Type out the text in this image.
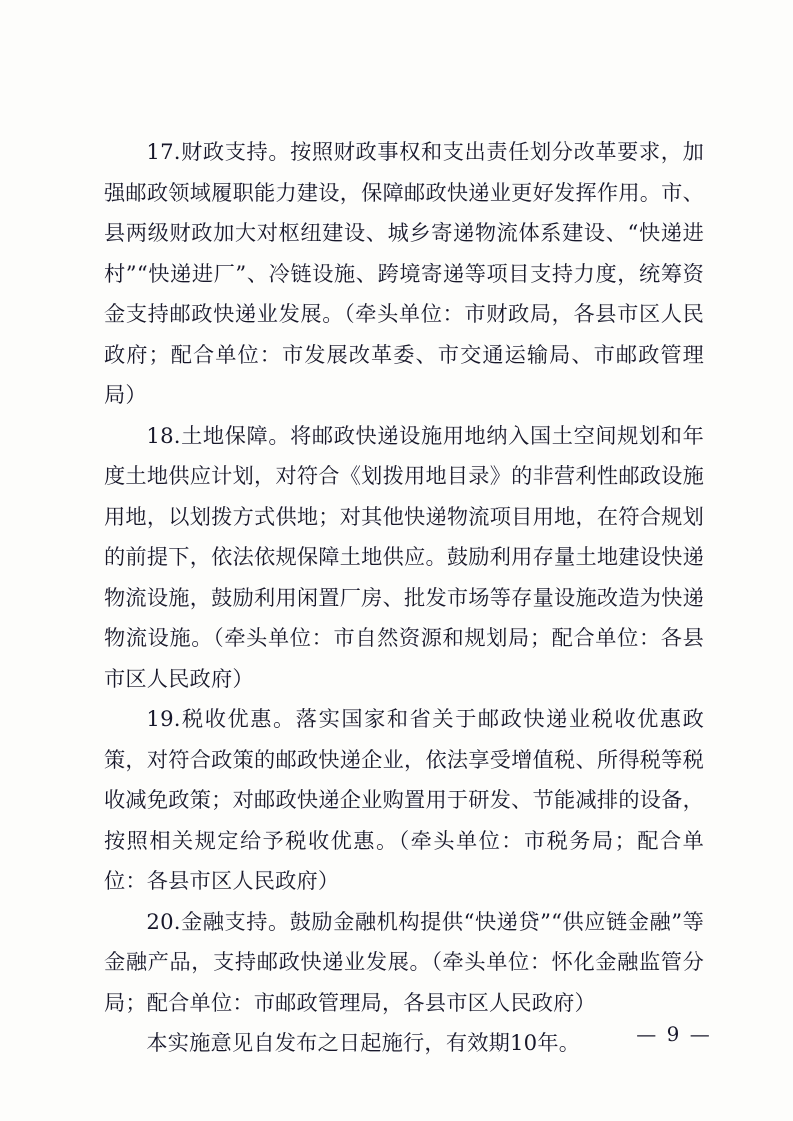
17.财政支持。按照财政事权和支出责任划分改革要求，加强邮政领域履职能力建设，保障邮政快递业更好发挥作用。市、县两级财政加大对枢纽建设、城乡寄递物流体系建设、“快递进村”“快递进厂”、冷链设施、跨境寄递等项目支持力度，统筹资金支持邮政快递业发展。（牵头单位：市财政局，各县市区人民政府；配合单位：市发展改革委、市交通运输局、市邮政管理局）

18.土地保障。将邮政快递设施用地纳入国土空间规划和年度土地供应计划，对符合《划拨用地目录》的非营利性邮政设施用地，以划拨方式供地；对其他快递物流项目用地，在符合规划的前提下，依法依规保障土地供应。鼓励利用存量土地建设快递物流设施，鼓励利用闲置厂房、批发市场等存量设施改造为快递物流设施。（牵头单位：市自然资源和规划局；配合单位：各县市区人民政府）

19.税收优惠。落实国家和省关于邮政快递业税收优惠政策，对符合政策的邮政快递企业，依法享受增值税、所得税等税收减免政策；对邮政快递企业购置用于研发、节能减排的设备，按照相关规定给予税收优惠。（牵头单位：市税务局；配合单位：各县市区人民政府）

20.金融支持。鼓励金融机构提供“快递贷”“供应链金融”等金融产品，支持邮政快递业发展。（牵头单位：怀化金融监管分局；配合单位：市邮政管理局，各县市区人民政府）

本实施意见自发布之日起施行，有效期10年。	— 9 —
